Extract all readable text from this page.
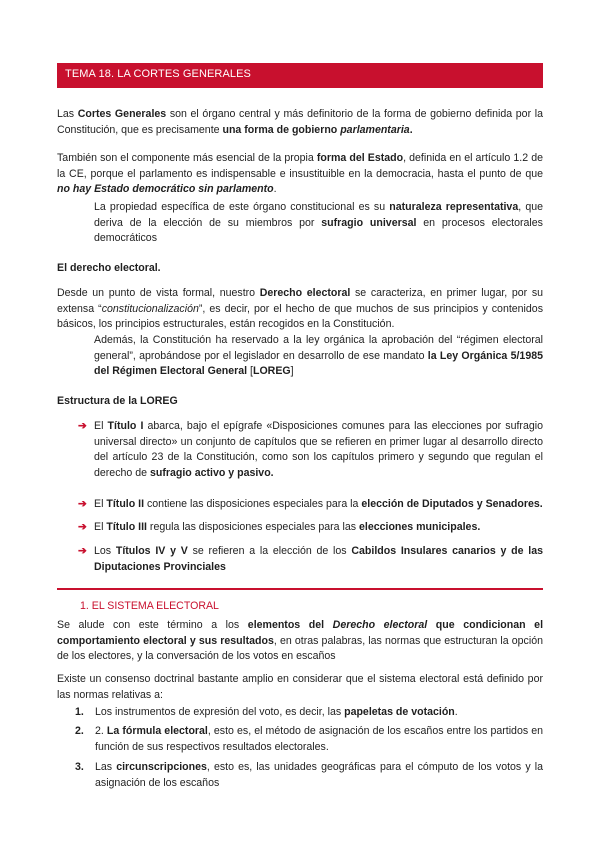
TEMA 18. LA CORTES GENERALES
Las Cortes Generales son el órgano central y más definitorio de la forma de gobierno definida por la Constitución, que es precisamente una forma de gobierno parlamentaria.
También son el componente más esencial de la propia forma del Estado, definida en el artículo 1.2 de la CE, porque el parlamento es indispensable e insustituible en la democracia, hasta el punto de que no hay Estado democrático sin parlamento.
La propiedad específica de este órgano constitucional es su naturaleza representativa, que deriva de la elección de su miembros por sufragio universal en procesos electorales democráticos
El derecho electoral.
Desde un punto de vista formal, nuestro Derecho electoral se caracteriza, en primer lugar, por su extensa “constitucionalización”, es decir, por el hecho de que muchos de sus principios y contenidos básicos, los principios estructurales, están recogidos en la Constitución.
Además, la Constitución ha reservado a la ley orgánica la aprobación del “régimen electoral general”, aprobándose por el legislador en desarrollo de ese mandato la Ley Orgánica 5/1985 del Régimen Electoral General [LOREG]
Estructura de la LOREG
➔ El Título I abarca, bajo el epígrafe «Disposiciones comunes para las elecciones por sufragio universal directo» un conjunto de capítulos que se refieren en primer lugar al desarrollo directo del artículo 23 de la Constitución, como son los capítulos primero y segundo que regulan el derecho de sufragio activo y pasivo.
➔ El Título II contiene las disposiciones especiales para la elección de Diputados y Senadores.
➔ El Título III regula las disposiciones especiales para las elecciones municipales.
➔ Los Títulos IV y V se refieren a la elección de los Cabildos Insulares canarios y de las Diputaciones Provinciales
1. EL SISTEMA ELECTORAL
Se alude con este término a los elementos del Derecho electoral que condicionan el comportamiento electoral y sus resultados, en otras palabras, las normas que estructuran la opción de los electores, y la conversación de los votos en escaños
Existe un consenso doctrinal bastante amplio en considerar que el sistema electoral está definido por las normas relativas a:
1. Los instrumentos de expresión del voto, es decir, las papeletas de votación.
2. 2. La fórmula electoral, esto es, el método de asignación de los escaños entre los partidos en función de sus respectivos resultados electorales.
3. Las circunscripciones, esto es, las unidades geográficas para el cómputo de los votos y la asignación de los escaños
